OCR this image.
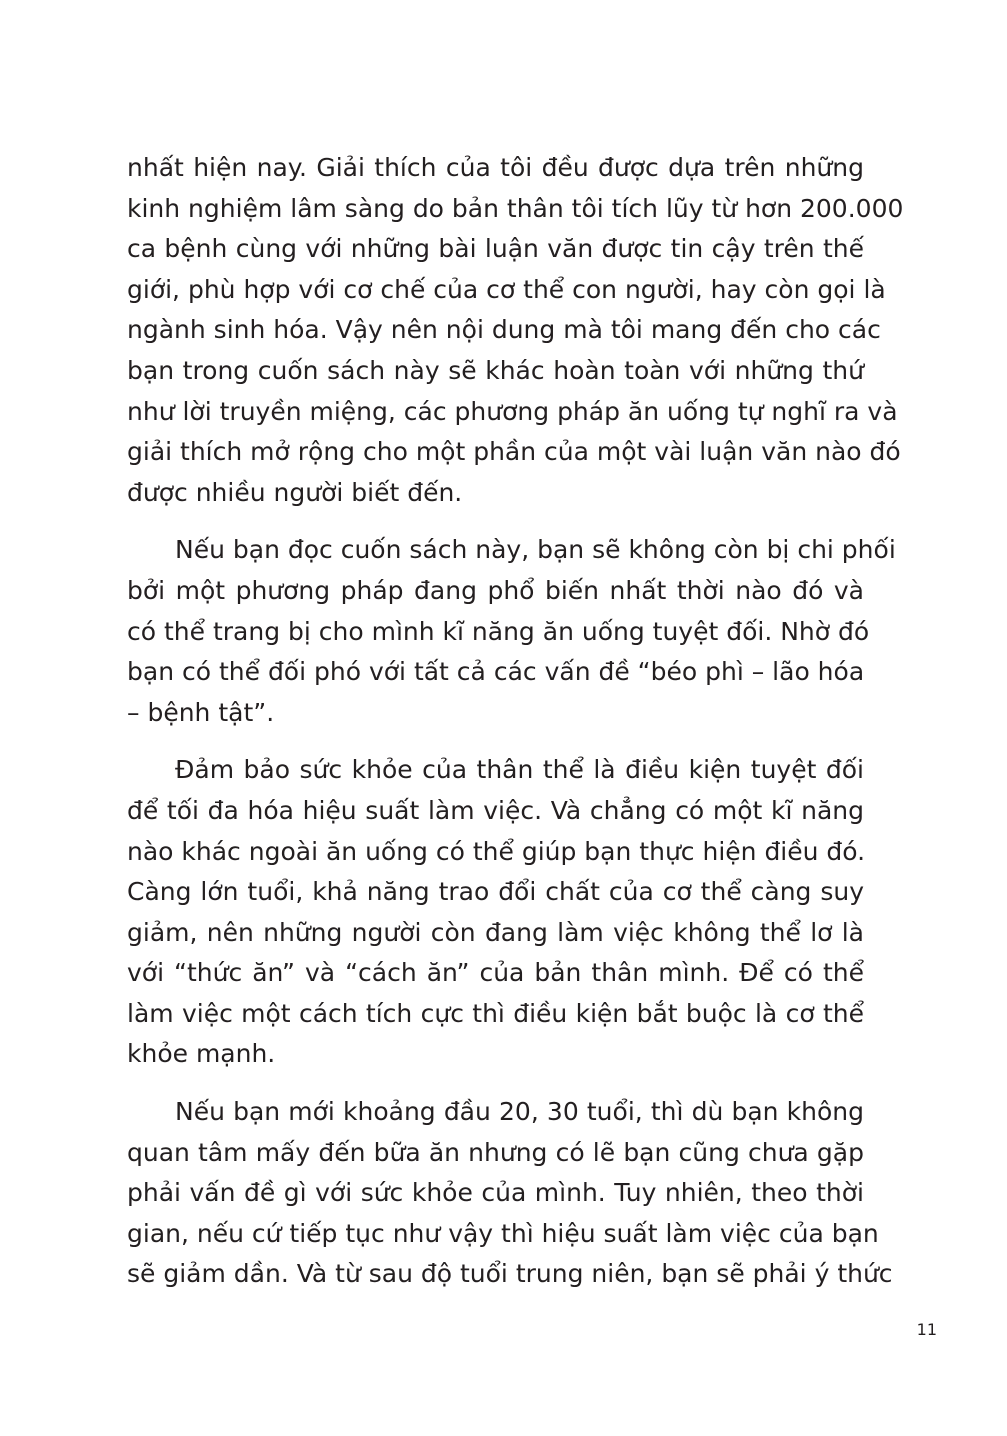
nhất hiện nay. Giải thích của tôi đều được dựa trên những
kinh nghiệm lâm sàng do bản thân tôi tích lũy từ hơn 200.000
ca bệnh cùng với những bài luận văn được tin cậy trên thế
giới, phù hợp với cơ chế của cơ thể con người, hay còn gọi là
ngành sinh hóa. Vậy nên nội dung mà tôi mang đến cho các
bạn trong cuốn sách này sẽ khác hoàn toàn với những thứ
như lời truyền miệng, các phương pháp ăn uống tự nghĩ ra và
giải thích mở rộng cho một phần của một vài luận văn nào đó
được nhiều người biết đến.

Nếu bạn đọc cuốn sách này, bạn sẽ không còn bị chi phối
bởi một phương pháp đang phổ biến nhất thời nào đó và
có thể trang bị cho mình kĩ năng ăn uống tuyệt đối. Nhờ đó
bạn có thể đối phó với tất cả các vấn đề “béo phì – lão hóa
– bệnh tật”.

Đảm bảo sức khỏe của thân thể là điều kiện tuyệt đối
để tối đa hóa hiệu suất làm việc. Và chẳng có một kĩ năng
nào khác ngoài ăn uống có thể giúp bạn thực hiện điều đó.
Càng lớn tuổi, khả năng trao đổi chất của cơ thể càng suy
giảm, nên những người còn đang làm việc không thể lơ là
với “thức ăn” và “cách ăn” của bản thân mình. Để có thể
làm việc một cách tích cực thì điều kiện bắt buộc là cơ thể
khỏe mạnh.

Nếu bạn mới khoảng đầu 20, 30 tuổi, thì dù bạn không
quan tâm mấy đến bữa ăn nhưng có lẽ bạn cũng chưa gặp
phải vấn đề gì với sức khỏe của mình. Tuy nhiên, theo thời
gian, nếu cứ tiếp tục như vậy thì hiệu suất làm việc của bạn
sẽ giảm dần. Và từ sau độ tuổi trung niên, bạn sẽ phải ý thức

11
